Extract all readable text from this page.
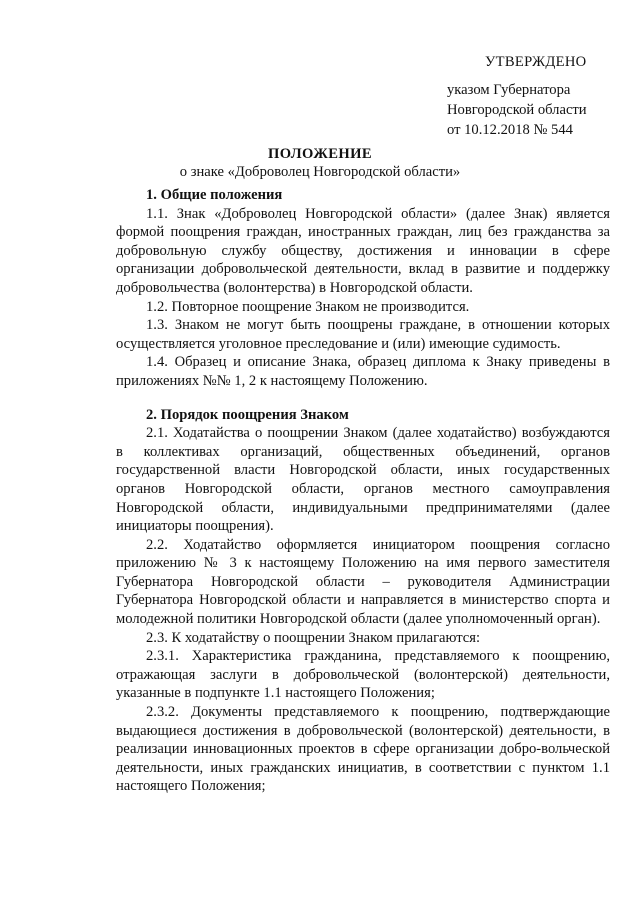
УТВЕРЖДЕНО
указом Губернатора
Новгородской области
от 10.12.2018 № 544
ПОЛОЖЕНИЕ
о знаке «Доброволец Новгородской области»
1. Общие положения

1.1. Знак «Доброволец Новгородской области» (далее Знак) является формой поощрения граждан, иностранных граждан, лиц без гражданства за добровольную службу обществу, достижения и инновации в сфере организации добровольческой деятельности, вклад в развитие и поддержку добровольчества (волонтерства) в Новгородской области.

1.2. Повторное поощрение Знаком не производится.

1.3. Знаком не могут быть поощрены граждане, в отношении которых осуществляется уголовное преследование и (или) имеющие судимость.

1.4. Образец и описание Знака, образец диплома к Знаку приведены в приложениях №№ 1, 2 к настоящему Положению.

2. Порядок поощрения Знаком

2.1. Ходатайства о поощрении Знаком (далее ходатайство) возбуждаются в коллективах организаций, общественных объединений, органов государственной власти Новгородской области, иных государственных органов Новгородской области, органов местного самоуправления Новгородской области, индивидуальными предпринимателями (далее инициаторы поощрения).

2.2. Ходатайство оформляется инициатором поощрения согласно приложению № 3 к настоящему Положению на имя первого заместителя Губернатора Новгородской области – руководителя Администрации Губернатора Новгородской области и направляется в министерство спорта и молодежной политики Новгородской области (далее уполномоченный орган).

2.3. К ходатайству о поощрении Знаком прилагаются:

2.3.1. Характеристика гражданина, представляемого к поощрению, отражающая заслуги в добровольческой (волонтерской) деятельности, указанные в подпункте 1.1 настоящего Положения;

2.3.2. Документы представляемого к поощрению, подтверждающие выдающиеся достижения в добровольческой (волонтерской) деятельности, в реализации инновационных проектов в сфере организации добро-вольческой деятельности, иных гражданских инициатив, в соответствии с пунктом 1.1 настоящего Положения;
